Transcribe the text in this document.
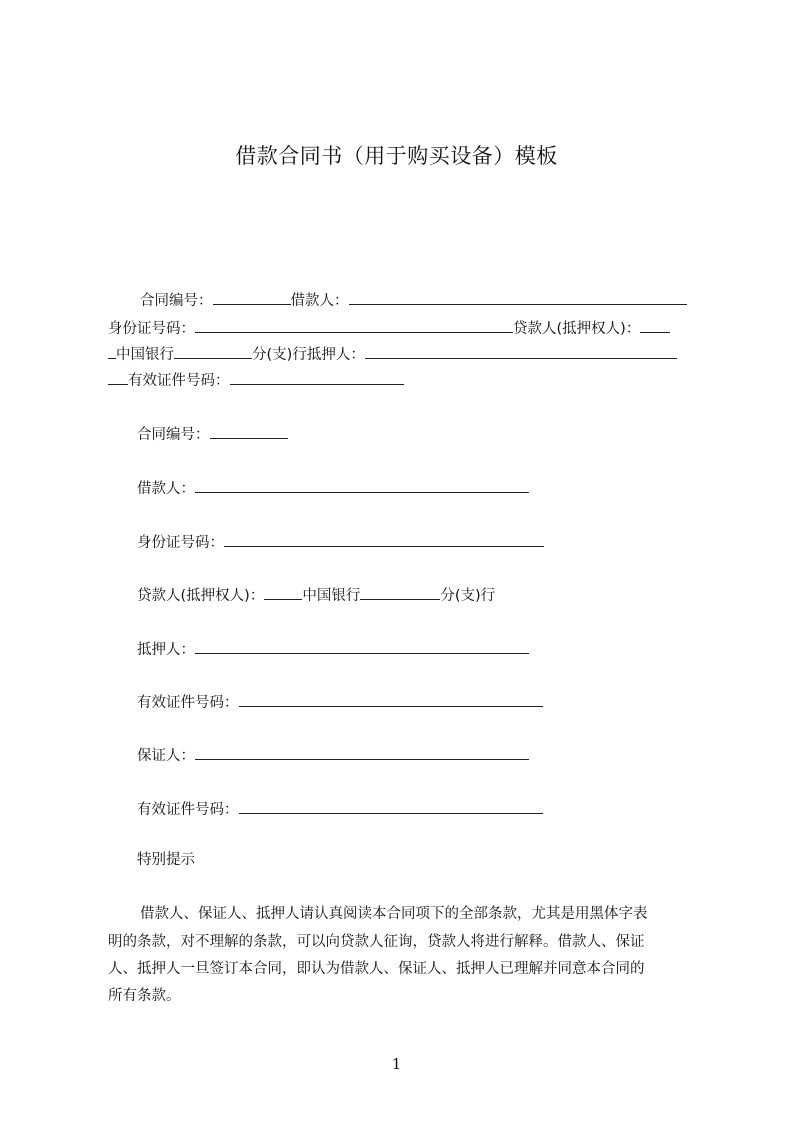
借款合同书（用于购买设备）模板
合同编号：	借款人：
身份证号码：	贷款人(抵押权人)：
中国银行	分(支)行抵押人：
有效证件号码：
合同编号：
借款人：
身份证号码：
贷款人(抵押权人)：	中国银行	分(支)行
抵押人：
有效证件号码：
保证人：
有效证件号码：
特别提示
借款人、保证人、抵押人请认真阅读本合同项下的全部条款，尤其是用黑体字表
明的条款，对不理解的条款，可以向贷款人征询，贷款人将进行解释。借款人、保证
人、抵押人一旦签订本合同，即认为借款人、保证人、抵押人已理解并同意本合同的
所有条款。
1
